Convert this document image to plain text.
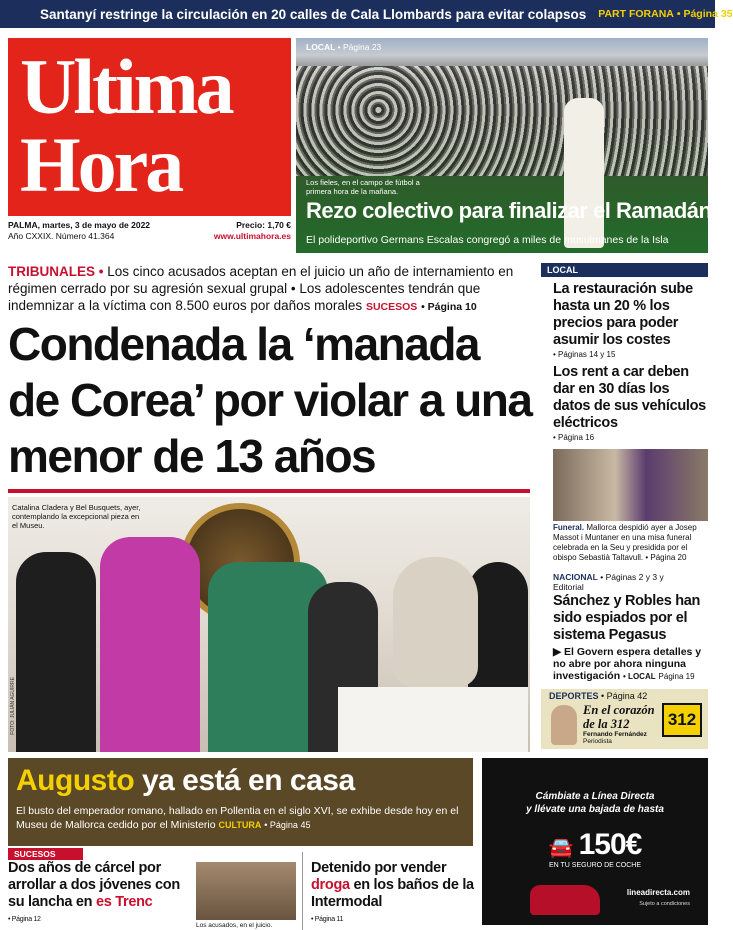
Santanyí restringe la circulación en 20 calles de Cala Llombards para evitar colapsos PART FORANA • Página 35
Ultima
Hora
PALMA, martes, 3 de mayo de 2022	Precio: 1,70 €
Año CXXIX. Número 41.364	www.ultimahora.es
LOCAL • Página 23
Los fieles, en el campo de fútbol a primera hora de la mañana.
Rezo colectivo para finalizar el Ramadán
El polideportivo Germans Escalas congregó a miles de musulmanes de la Isla
TRIBUNALES • Los cinco acusados aceptan en el juicio un año de internamiento en régimen cerrado por su agresión sexual grupal • Los adolescentes tendrán que indemnizar a la víctima con 8.500 euros por daños morales SUCESOS • Página 10
Condenada la ‘manada de Corea’ por violar a una menor de 13 años
Catalina Cladera y Bel Busquets, ayer, contemplando la excepcional pieza en el Museu.
FOTO: JULIÁN AGUIRRE
Augusto ya está en casa
El busto del emperador romano, hallado en Pollentia en el siglo XVI, se exhibe desde hoy en el Museu de Mallorca cedido por el Ministerio CULTURA • Página 45
LOCAL
La restauración sube hasta un 20 % los precios para poder asumir los costes
• Páginas 14 y 15
Los rent a car deben dar en 30 días los datos de sus vehículos eléctricos
• Página 16
Funeral. Mallorca despidió ayer a Josep Massot i Muntaner en una misa funeral celebrada en la Seu y presidida por el obispo Sebastià Taltavull. • Página 20
NACIONAL • Páginas 2 y 3 y Editorial
Sánchez y Robles han sido espiados por el sistema Pegasus
▶ El Govern espera detalles y no abre por ahora ninguna investigación • LOCAL Página 19
DEPORTES • Página 42
En el corazón de la 312
Fernando Fernández
Periodista
312
Cámbiate a Línea Directa
y llévate una bajada de hasta
🚘 150€
EN TU SEGURO DE COCHE
lineadirecta.com
Sujeto a condiciones
SUCESOS
Dos años de cárcel por arrollar a dos jóvenes con su lancha en es Trenc
• Página 12
Los acusados, en el juicio.
Detenido por vender droga en los baños de la Intermodal
• Página 11
